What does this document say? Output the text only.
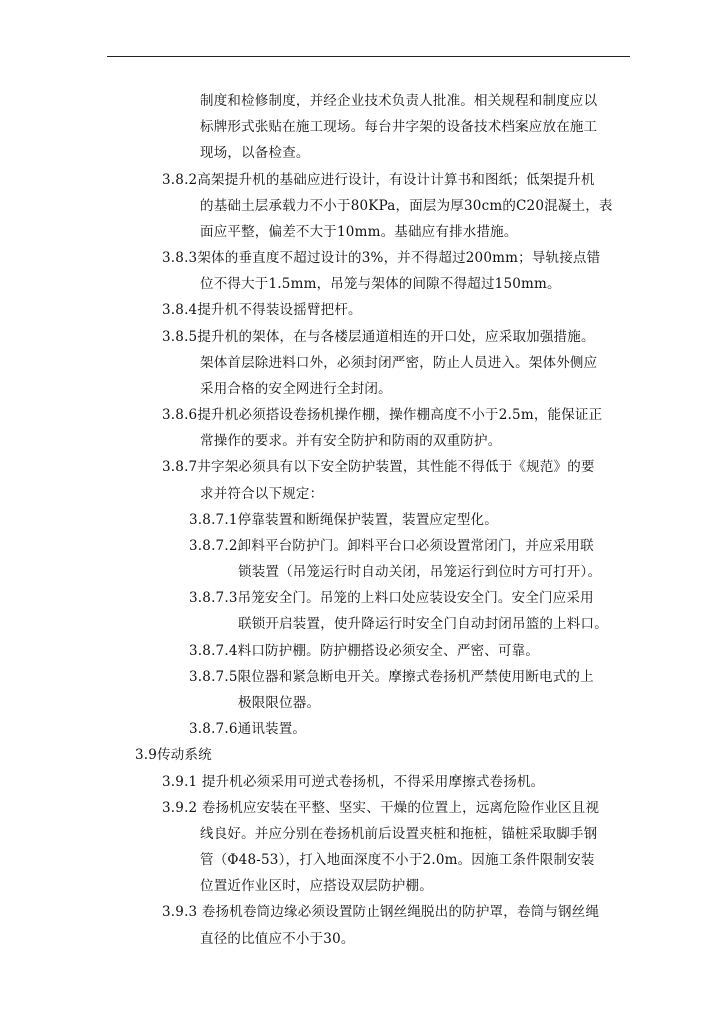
制度和检修制度，并经企业技术负责人批准。相关规程和制度应以
标牌形式张贴在施工现场。每台井字架的设备技术档案应放在施工
现场，以备检查。
3.8.2高架提升机的基础应进行设计，有设计计算书和图纸；低架提升机
的基础土层承载力不小于80KPa，面层为厚30cm的C20混凝土，表
面应平整，偏差不大于10mm。基础应有排水措施。
3.8.3架体的垂直度不超过设计的3%，并不得超过200mm；导轨接点错
位不得大于1.5mm，吊笼与架体的间隙不得超过150mm。
3.8.4提升机不得装设摇臂把杆。
3.8.5提升机的架体，在与各楼层通道相连的开口处，应采取加强措施。
架体首层除进料口外，必须封闭严密，防止人员进入。架体外侧应
采用合格的安全网进行全封闭。
3.8.6提升机必须搭设卷扬机操作棚，操作棚高度不小于2.5m，能保证正
常操作的要求。并有安全防护和防雨的双重防护。
3.8.7井字架必须具有以下安全防护装置，其性能不得低于《规范》的要
求并符合以下规定：
3.8.7.1停靠装置和断绳保护装置，装置应定型化。
3.8.7.2卸料平台防护门。卸料平台口必须设置常闭门，并应采用联
锁装置（吊笼运行时自动关闭，吊笼运行到位时方可打开）。
3.8.7.3吊笼安全门。吊笼的上料口处应装设安全门。安全门应采用
联锁开启装置，使升降运行时安全门自动封闭吊篮的上料口。
3.8.7.4料口防护棚。防护棚搭设必须安全、严密、可靠。
3.8.7.5限位器和紧急断电开关。摩擦式卷扬机严禁使用断电式的上
极限限位器。
3.8.7.6通讯装置。
3.9传动系统
3.9.1 提升机必须采用可逆式卷扬机，不得采用摩擦式卷扬机。
3.9.2 卷扬机应安装在平整、坚实、干燥的位置上，远离危险作业区且视
线良好。并应分别在卷扬机前后设置夹桩和拖桩，锚桩采取脚手钢
管（Φ48-53），打入地面深度不小于2.0m。因施工条件限制安装
位置近作业区时，应搭设双层防护棚。
3.9.3 卷扬机卷筒边缘必须设置防止钢丝绳脱出的防护罩，卷筒与钢丝绳
直径的比值应不小于30。
